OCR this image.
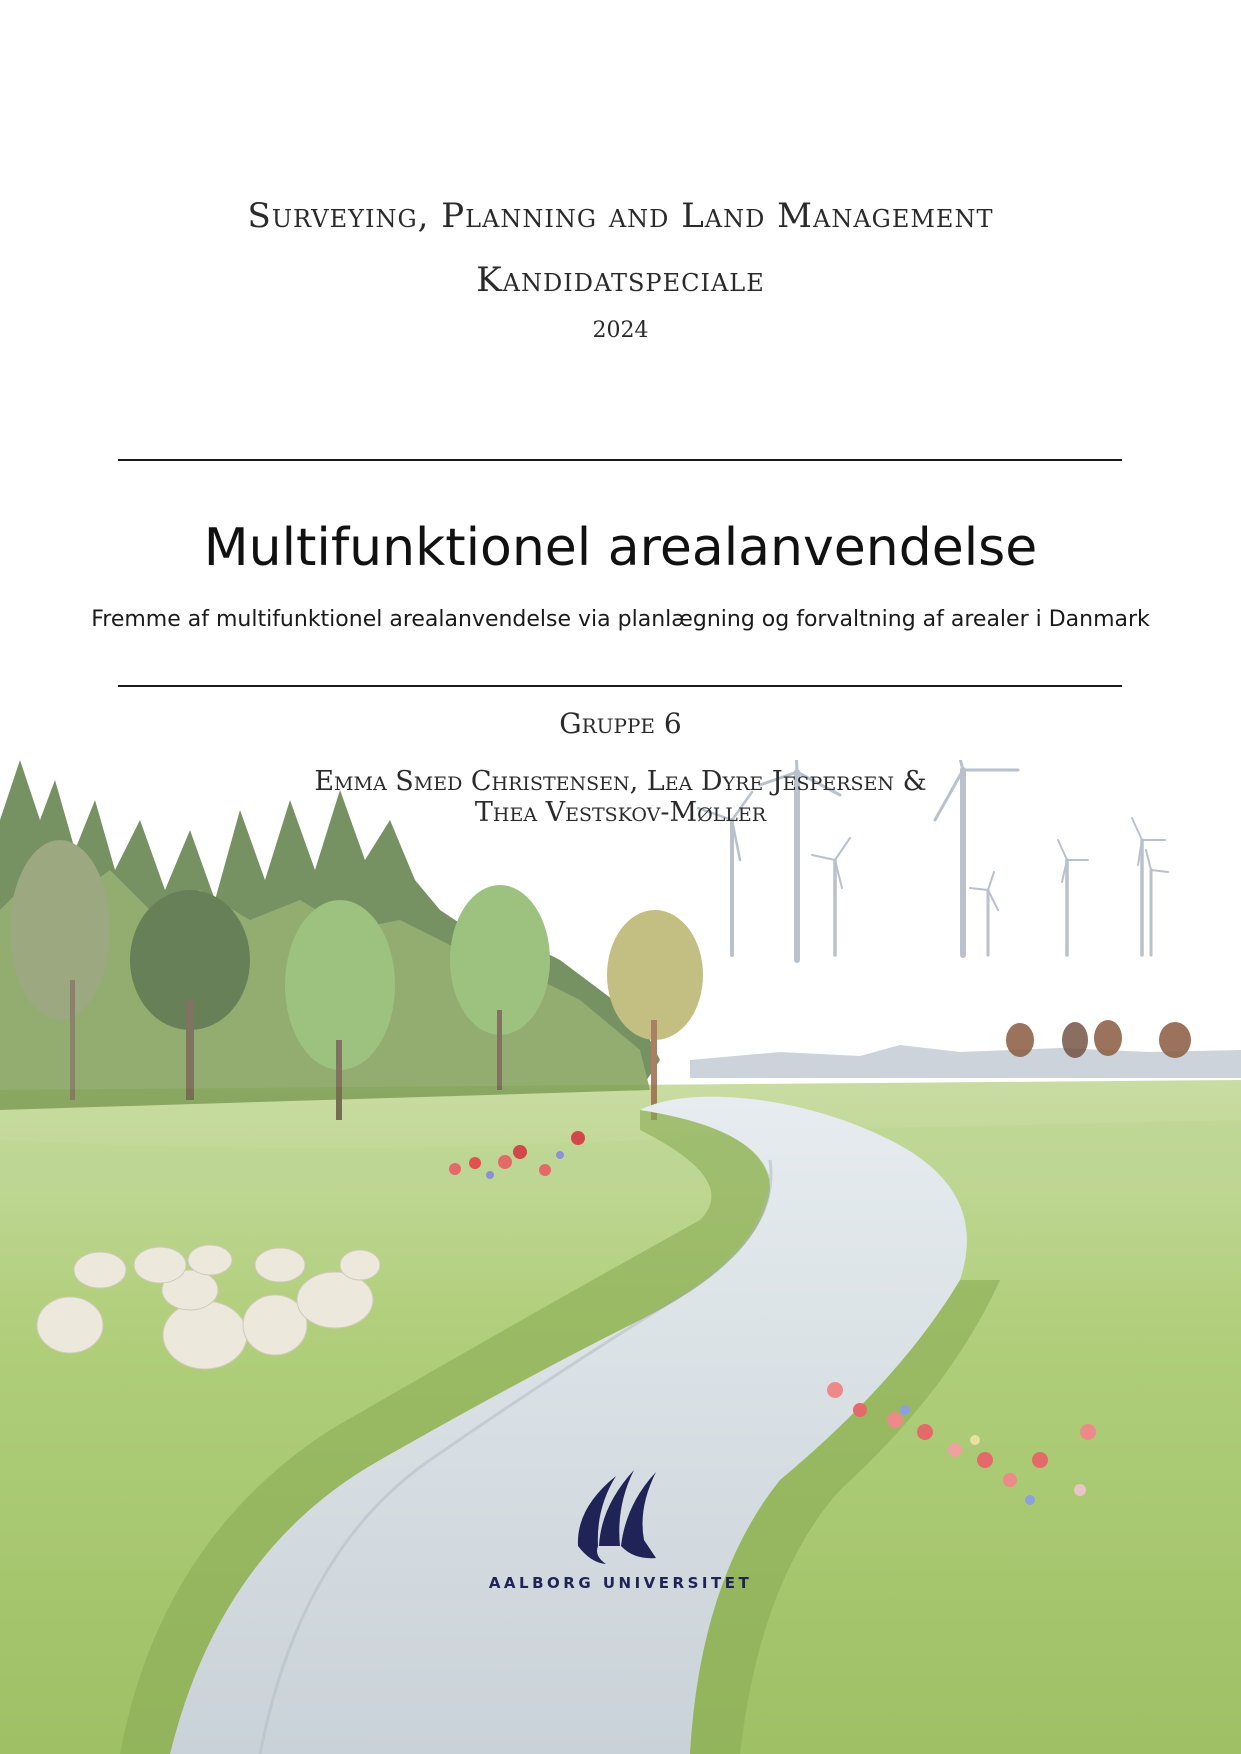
Surveying, Planning and Land Management
Kandidatspeciale
2024
Multifunktionel arealanvendelse
Fremme af multifunktionel arealanvendelse via planlægning og forvaltning af arealer i Danmark
Gruppe 6
Emma Smed Christensen, Lea Dyre Jespersen &
Thea Vestskov-Møller
AALBORG UNIVERSITET
